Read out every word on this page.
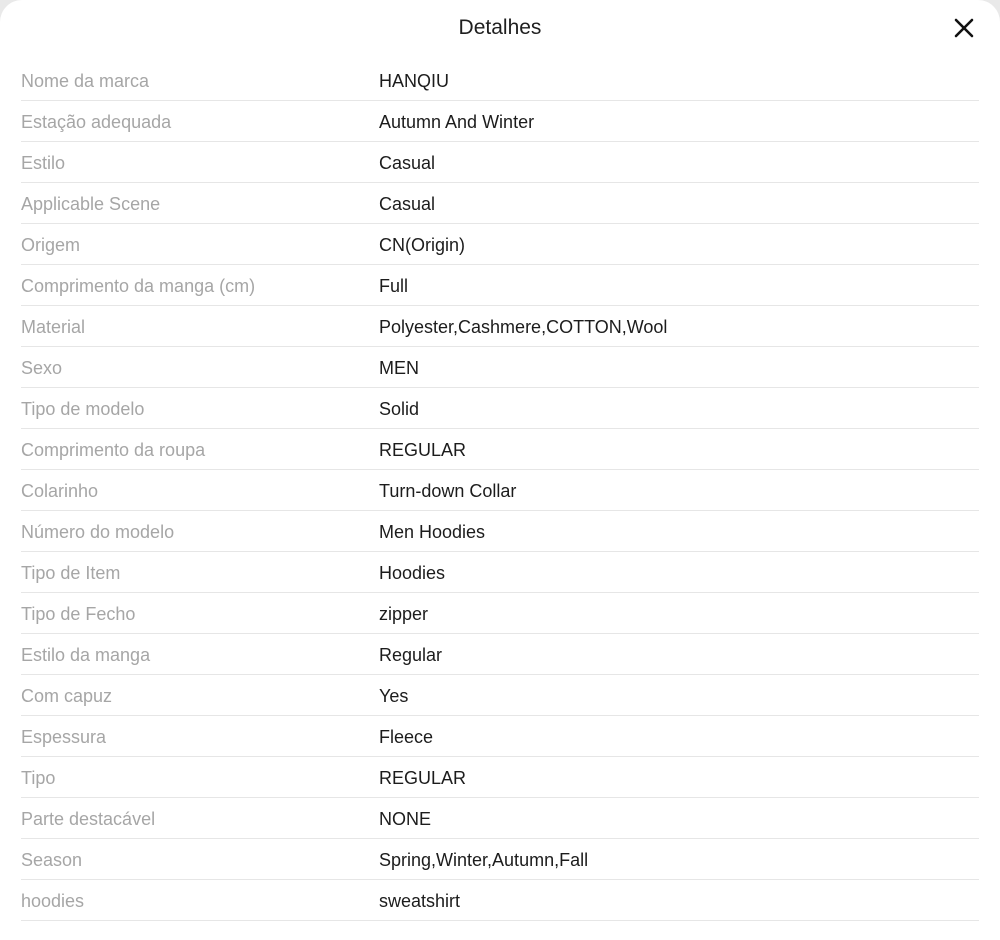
Detalhes
Nome da marca	HANQIU
Estação adequada	Autumn And Winter
Estilo	Casual
Applicable Scene	Casual
Origem	CN(Origin)
Comprimento da manga (cm)	Full
Material	Polyester,Cashmere,COTTON,Wool
Sexo	MEN
Tipo de modelo	Solid
Comprimento da roupa	REGULAR
Colarinho	Turn-down Collar
Número do modelo	Men Hoodies
Tipo de Item	Hoodies
Tipo de Fecho	zipper
Estilo da manga	Regular
Com capuz	Yes
Espessura	Fleece
Tipo	REGULAR
Parte destacável	NONE
Season	Spring,Winter,Autumn,Fall
hoodies	sweatshirt
